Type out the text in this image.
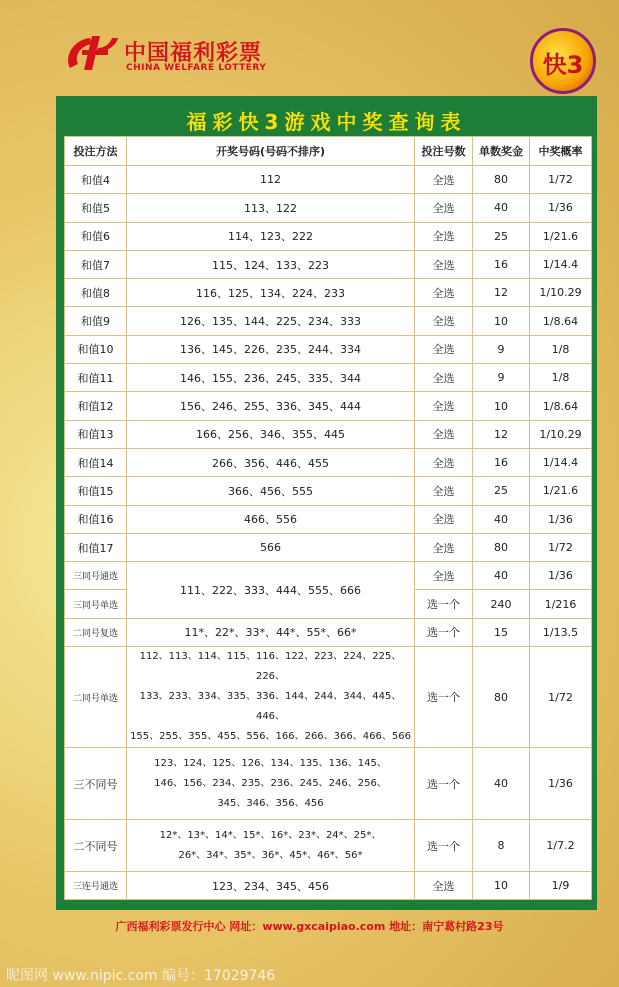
中国福利彩票
CHINA WELFARE LOTTERY	快3
福彩快3游戏中奖查询表
投注方法	开奖号码(号码不排序)	投注号数	单数奖金	中奖概率
和值4	112	全选	80	1/72
和值5	113、122	全选	40	1/36
和值6	114、123、222	全选	25	1/21.6
和值7	115、124、133、223	全选	16	1/14.4
和值8	116、125、134、224、233	全选	12	1/10.29
和值9	126、135、144、225、234、333	全选	10	1/8.64
和值10	136、145、226、235、244、334	全选	9	1/8
和值11	146、155、236、245、335、344	全选	9	1/8
和值12	156、246、255、336、345、444	全选	10	1/8.64
和值13	166、256、346、355、445	全选	12	1/10.29
和值14	266、356、446、455	全选	16	1/14.4
和值15	366、456、555	全选	25	1/21.6
和值16	466、556	全选	40	1/36
和值17	566	全选	80	1/72
三同号通选	111、222、333、444、555、666	全选	40	1/36
三同号单选		选一个	240	1/216
二同号复选	11*、22*、33*、44*、55*、66*	选一个	15	1/13.5
二同号单选	112、113、114、115、116、122、223、224、225、226、
133、233、334、335、336、144、244、344、445、446、
155、255、355、455、556、166、266、366、466、566	选一个	80	1/72
三不同号	123、124、125、126、134、135、136、145、
146、156、234、235、236、245、246、256、
345、346、356、456	选一个	40	1/36
二不同号	12*、13*、14*、15*、16*、23*、24*、25*、
26*、34*、35*、36*、45*、46*、56*	选一个	8	1/7.2
三连号通选	123、234、345、456	全选	10	1/9
广西福利彩票发行中心 网址：www.gxcaipiao.com 地址：南宁葛村路23号
昵图网 www.nipic.com 编号：17029746
